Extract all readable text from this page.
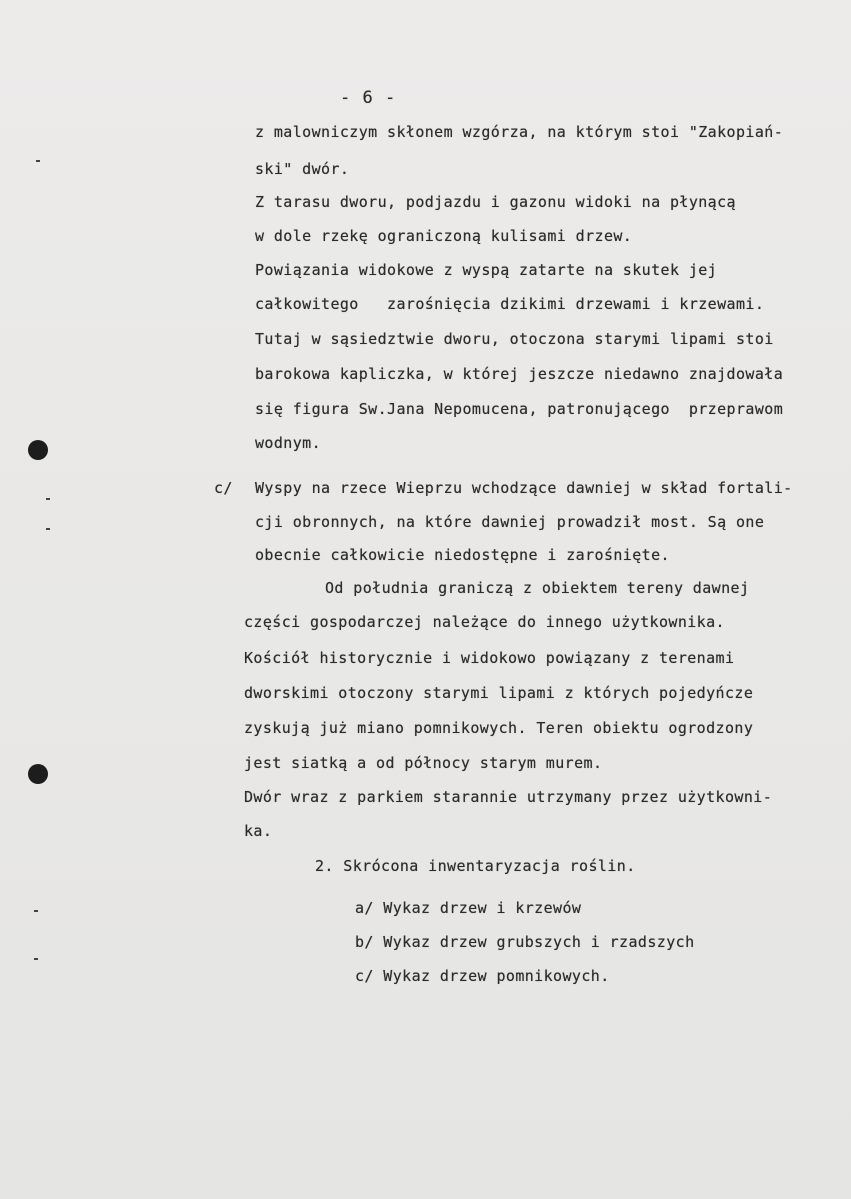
- 6 -
z malowniczym skłonem wzgórza, na którym stoi "Zakopiań-
ski" dwór.
Z tarasu dworu, podjazdu i gazonu widoki na płynącą
w dole rzekę ograniczoną kulisami drzew.
Powiązania widokowe z wyspą zatarte na skutek jej
całkowitego   zarośnięcia dzikimi drzewami i krzewami.
Tutaj w sąsiedztwie dworu, otoczona starymi lipami stoi
barokowa kapliczka, w której jeszcze niedawno znajdowała
się figura Sw.Jana Nepomucena, patronującego  przeprawom
wodnym.
c/ Wyspy na rzece Wieprzu wchodzące dawniej w skład fortali-
cji obronnych, na które dawniej prowadził most. Są one
obecnie całkowicie niedostępne i zarośnięte.
Od południa graniczą z obiektem tereny dawnej
części gospodarczej należące do innego użytkownika.
Kościół historycznie i widokowo powiązany z terenami
dworskimi otoczony starymi lipami z których pojedyńcze
zyskują już miano pomnikowych. Teren obiektu ogrodzony
jest siatką a od północy starym murem.
Dwór wraz z parkiem starannie utrzymany przez użytkowni-
ka.
2. Skrócona inwentaryzacja roślin.
a/ Wykaz drzew i krzewów
b/ Wykaz drzew grubszych i rzadszych
c/ Wykaz drzew pomnikowych.
